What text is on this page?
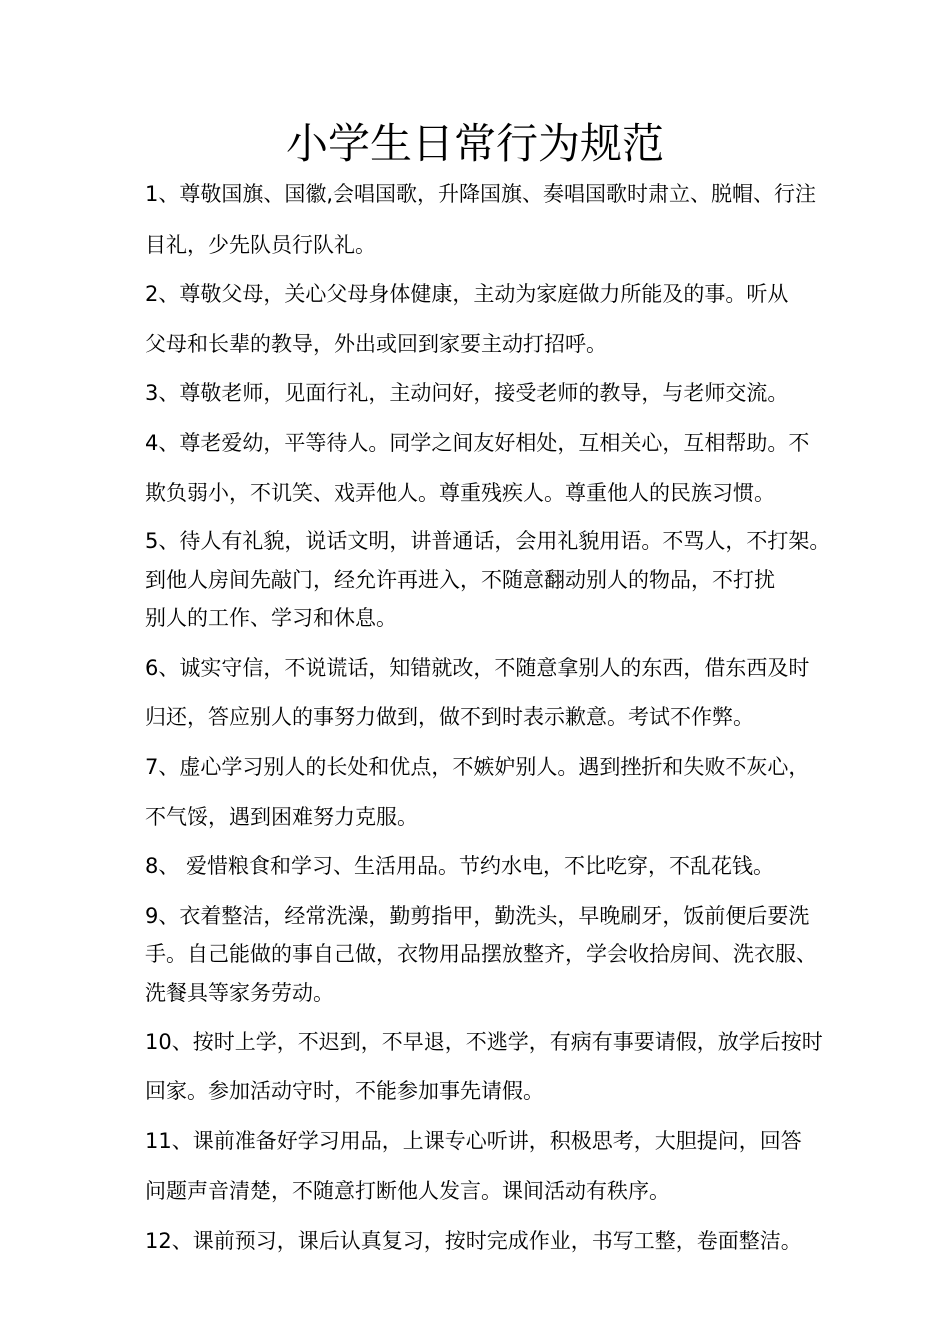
小学生日常行为规范
1、尊敬国旗、国徽,会唱国歌，升降国旗、奏唱国歌时肃立、脱帽、行注
目礼，少先队员行队礼。
2、尊敬父母，关心父母身体健康，主动为家庭做力所能及的事。听从
父母和长辈的教导，外出或回到家要主动打招呼。
3、尊敬老师，见面行礼，主动问好，接受老师的教导，与老师交流。
4、尊老爱幼，平等待人。同学之间友好相处，互相关心，互相帮助。不
欺负弱小，不讥笑、戏弄他人。尊重残疾人。尊重他人的民族习惯。
5、待人有礼貌，说话文明，讲普通话，会用礼貌用语。不骂人，不打架。
到他人房间先敲门，经允许再进入，不随意翻动别人的物品，不打扰
别人的工作、学习和休息。
6、诚实守信，不说谎话，知错就改，不随意拿别人的东西，借东西及时
归还，答应别人的事努力做到，做不到时表示歉意。考试不作弊。
7、虚心学习别人的长处和优点，不嫉妒别人。遇到挫折和失败不灰心，
不气馁，遇到困难努力克服。
8、 爱惜粮食和学习、生活用品。节约水电，不比吃穿，不乱花钱。
9、衣着整洁，经常洗澡，勤剪指甲，勤洗头，早晚刷牙，饭前便后要洗
手。自己能做的事自己做，衣物用品摆放整齐，学会收拾房间、洗衣服、
洗餐具等家务劳动。
10、按时上学，不迟到，不早退，不逃学，有病有事要请假，放学后按时
回家。参加活动守时，不能参加事先请假。
11、课前准备好学习用品，上课专心听讲，积极思考，大胆提问，回答
问题声音清楚，不随意打断他人发言。课间活动有秩序。
12、课前预习，课后认真复习，按时完成作业，书写工整，卷面整洁。
